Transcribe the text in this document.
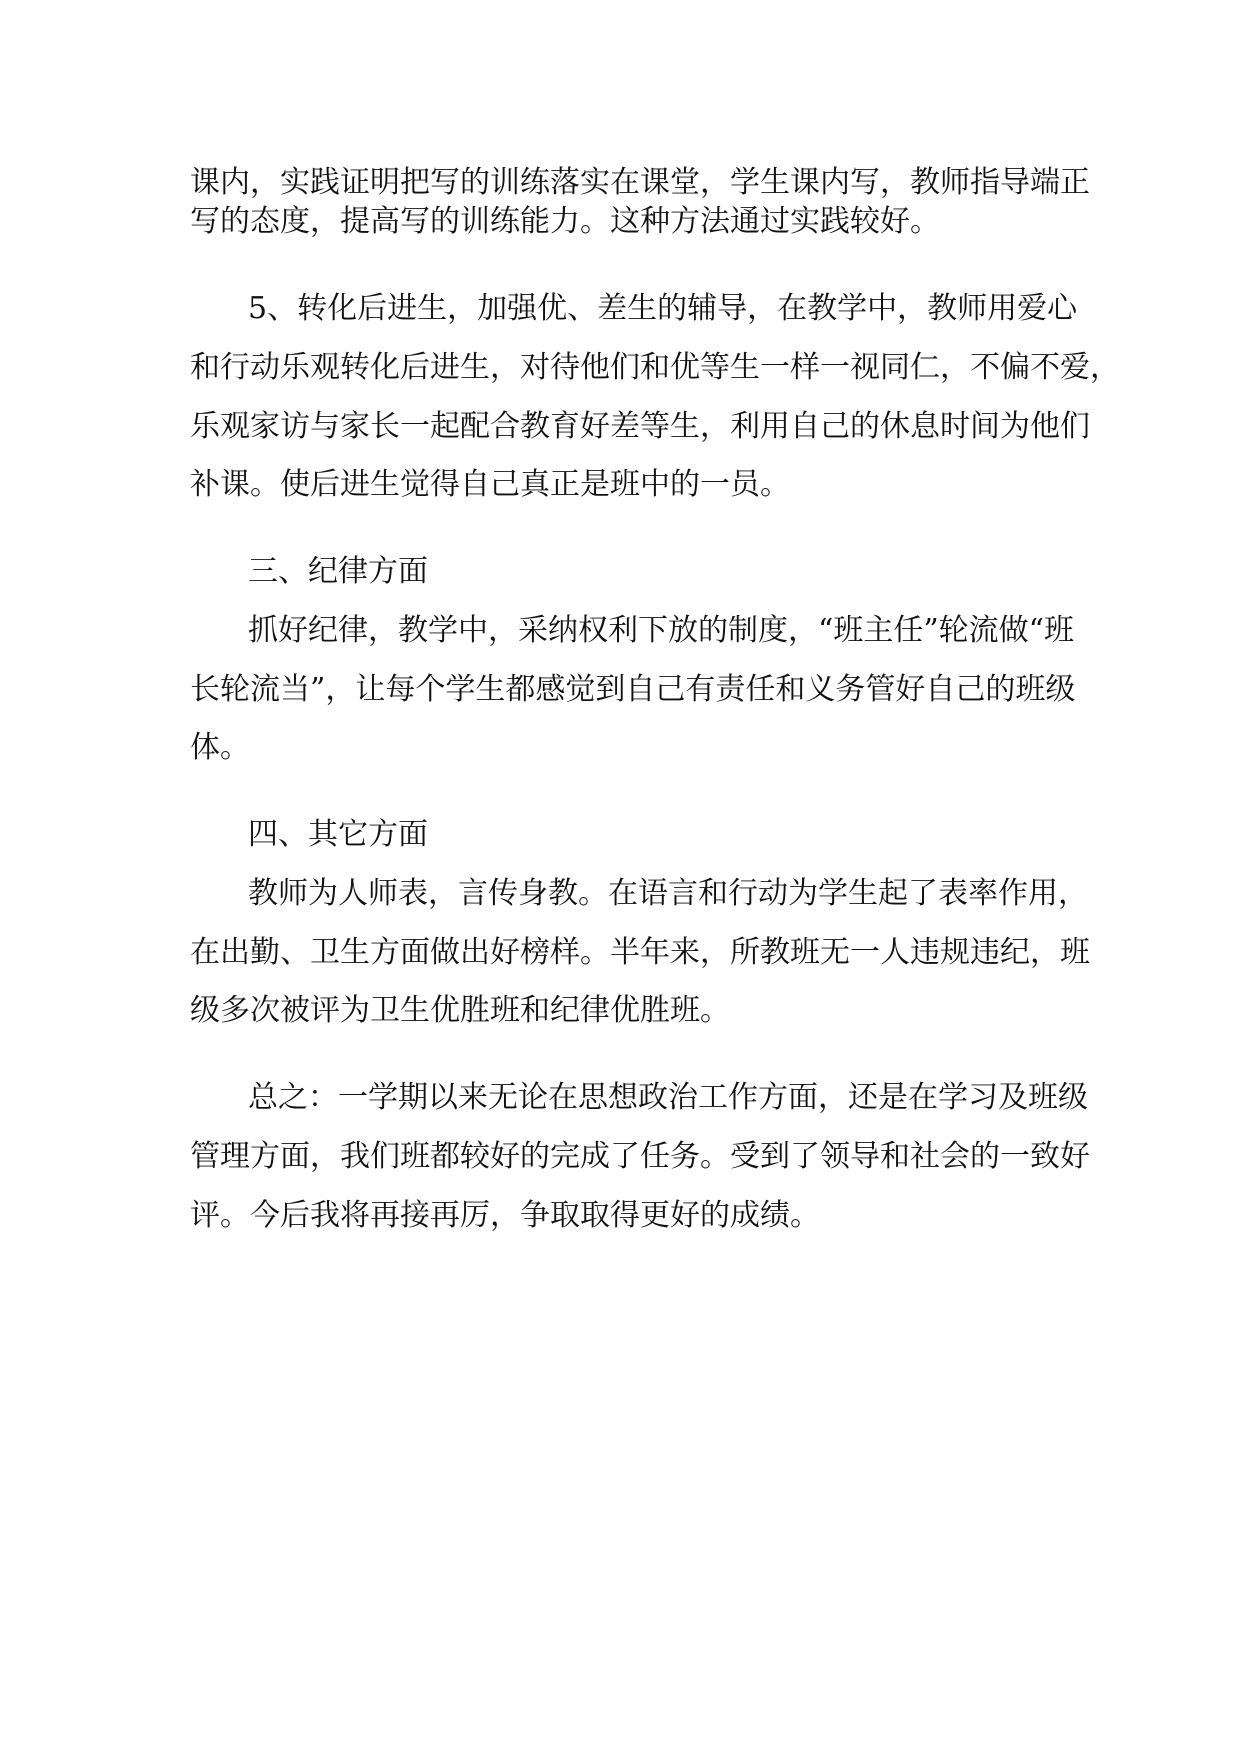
课内，实践证明把写的训练落实在课堂，学生课内写，教师指导端正
写的态度，提高写的训练能力。这种方法通过实践较好。
5、转化后进生，加强优、差生的辅导，在教学中，教师用爱心
和行动乐观转化后进生，对待他们和优等生一样一视同仁，不偏不爱，
乐观家访与家长一起配合教育好差等生，利用自己的休息时间为他们
补课。使后进生觉得自己真正是班中的一员。
三、纪律方面
抓好纪律，教学中，采纳权利下放的制度，“班主任”轮流做“班
长轮流当”，让每个学生都感觉到自己有责任和义务管好自己的班级
体。
四、其它方面
教师为人师表，言传身教。在语言和行动为学生起了表率作用，
在出勤、卫生方面做出好榜样。半年来，所教班无一人违规违纪，班
级多次被评为卫生优胜班和纪律优胜班。
总之：一学期以来无论在思想政治工作方面，还是在学习及班级
管理方面，我们班都较好的完成了任务。受到了领导和社会的一致好
评。今后我将再接再厉，争取取得更好的成绩。
